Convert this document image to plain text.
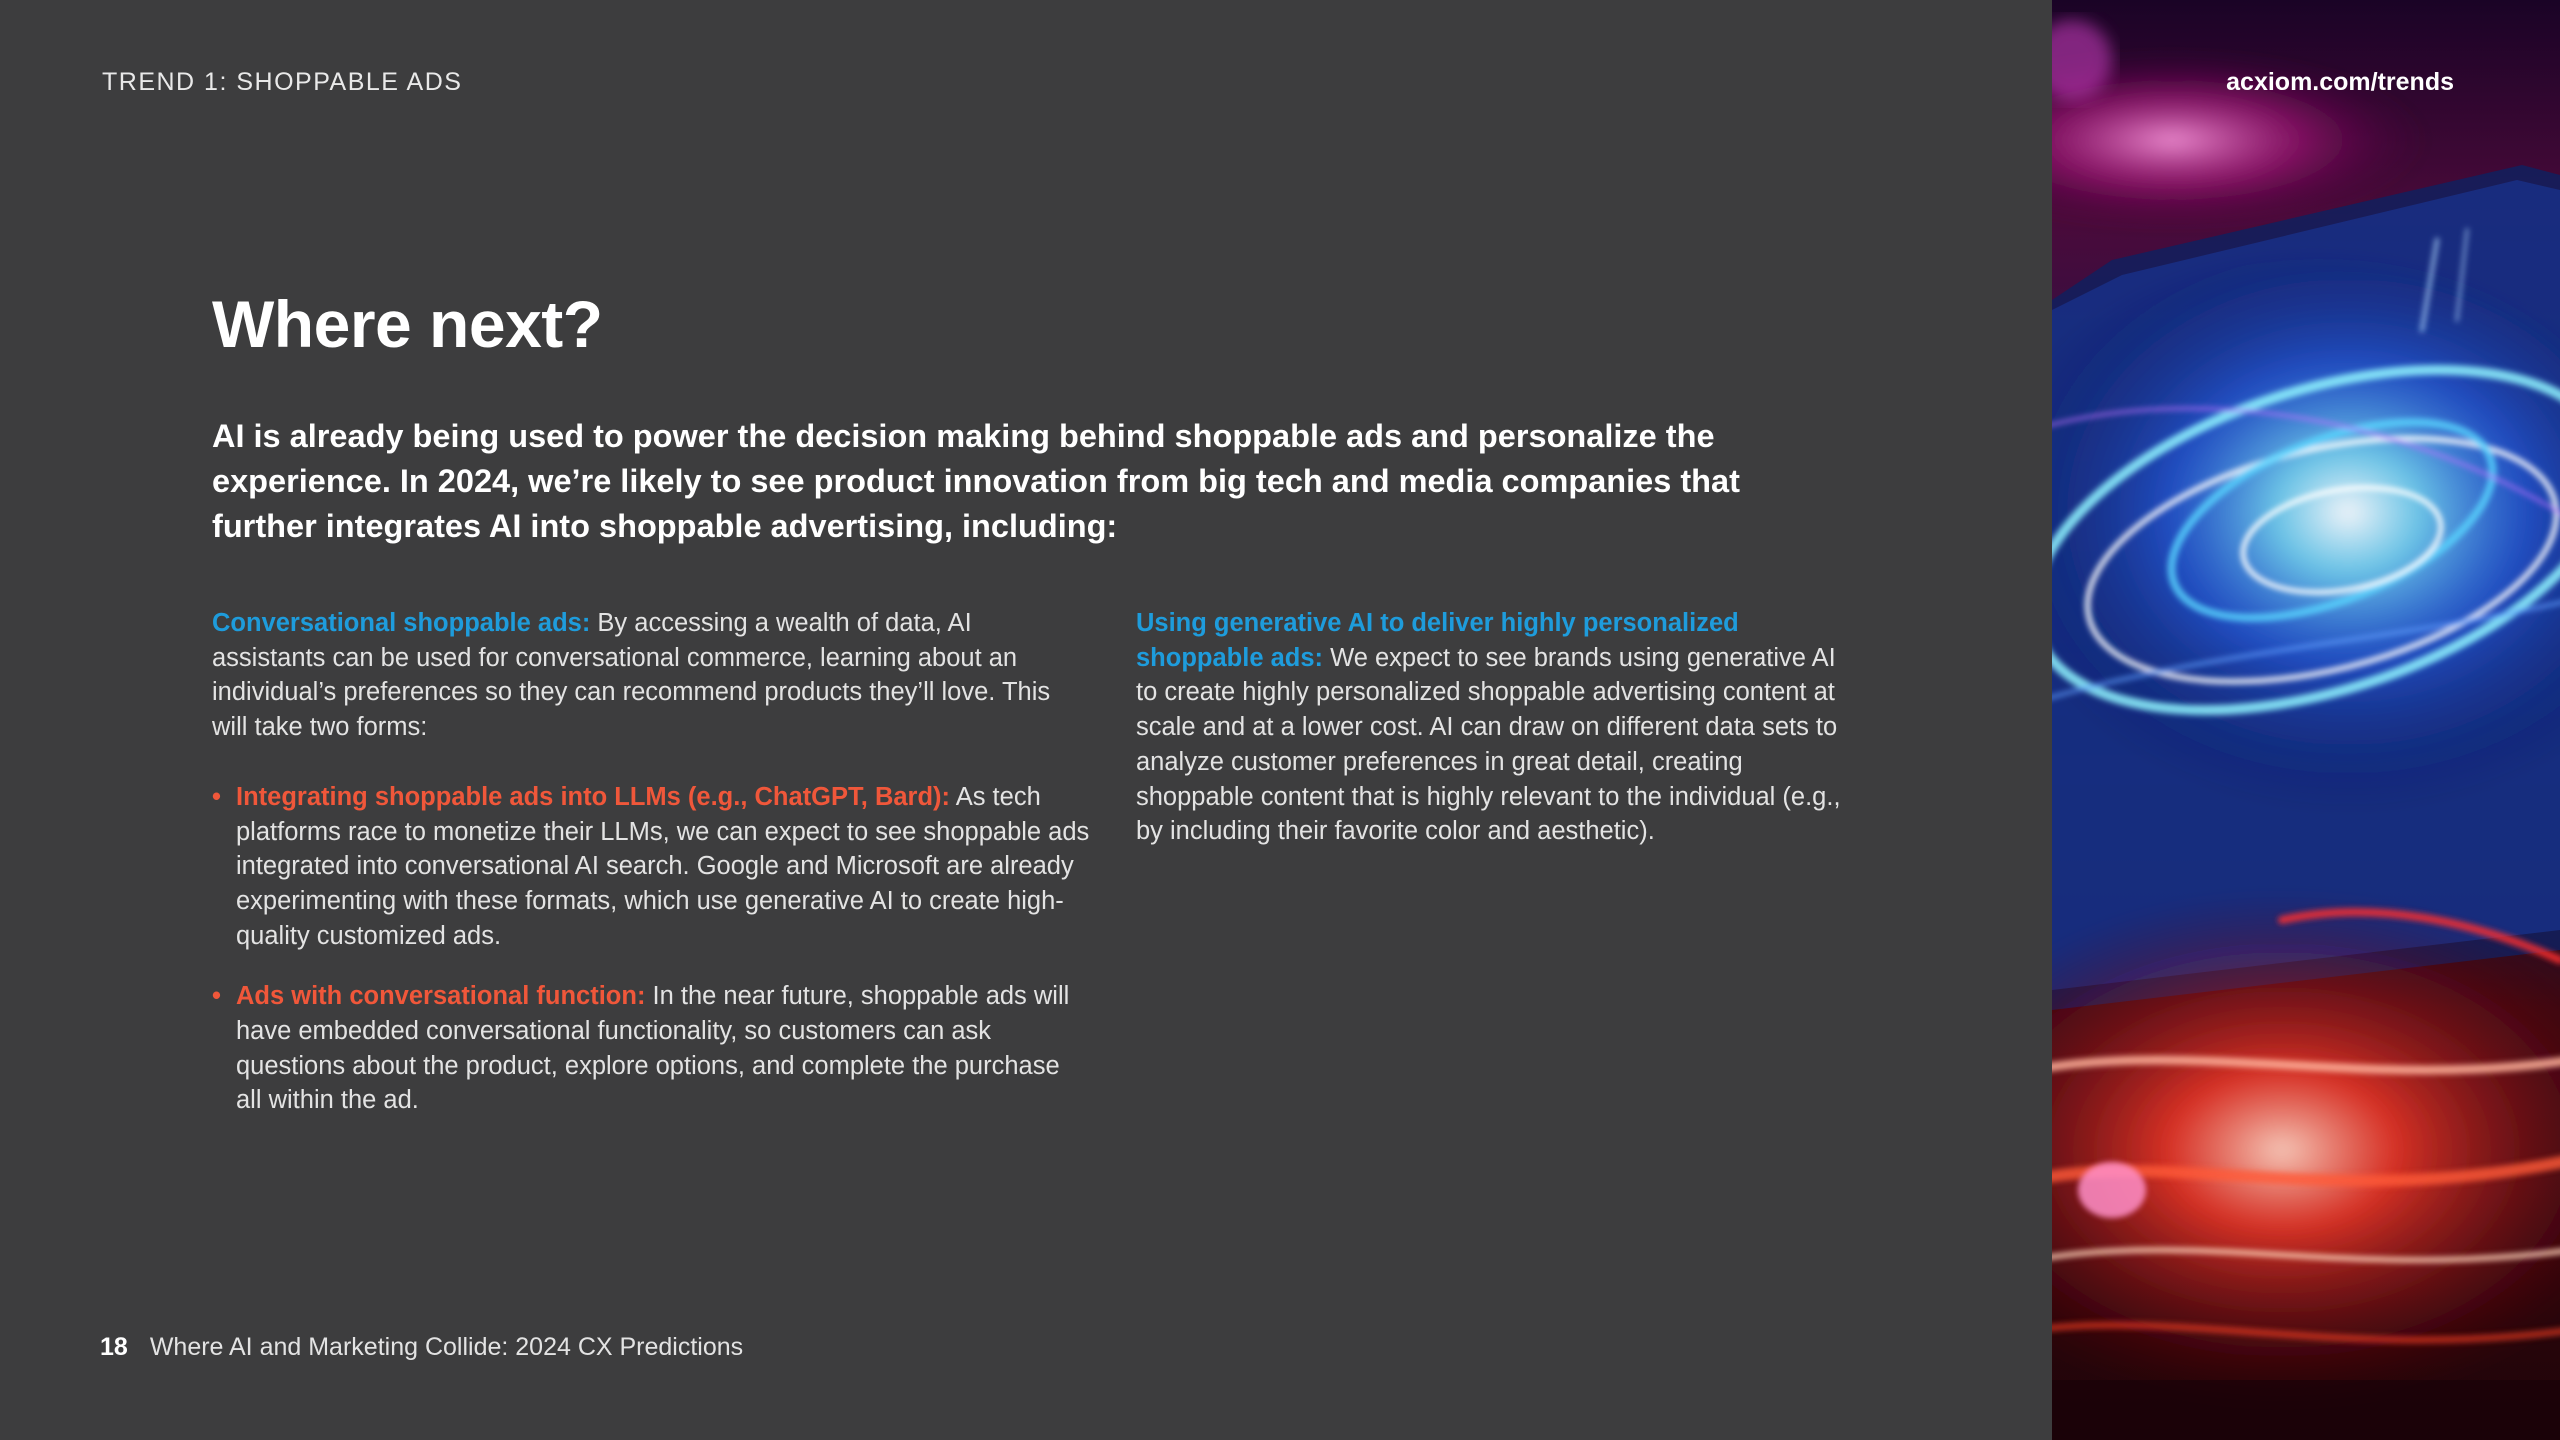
TREND 1: SHOPPABLE ADS
Where next?

AI is already being used to power the decision making behind shoppable ads and personalize the experience. In 2024, we’re likely to see product innovation from big tech and media companies that further integrates AI into shoppable advertising, including:

Conversational shoppable ads: By accessing a wealth of data, AI assistants can be used for conversational commerce, learning about an individual’s preferences so they can recommend products they’ll love. This will take two forms:

• Integrating shoppable ads into LLMs (e.g., ChatGPT, Bard): As tech platforms race to monetize their LLMs, we can expect to see shoppable ads integrated into conversational AI search. Google and Microsoft are already experimenting with these formats, which use generative AI to create high-quality customized ads.
• Ads with conversational function: In the near future, shoppable ads will have embedded conversational functionality, so customers can ask questions about the product, explore options, and complete the purchase all within the ad.

Using generative AI to deliver highly personalized shoppable ads: We expect to see brands using generative AI to create highly personalized shoppable advertising content at scale and at a lower cost. AI can draw on different data sets to analyze customer preferences in great detail, creating shoppable content that is highly relevant to the individual (e.g., by including their favorite color and aesthetic).

18 Where AI and Marketing Collide: 2024 CX Predictions
acxiom.com/trends
